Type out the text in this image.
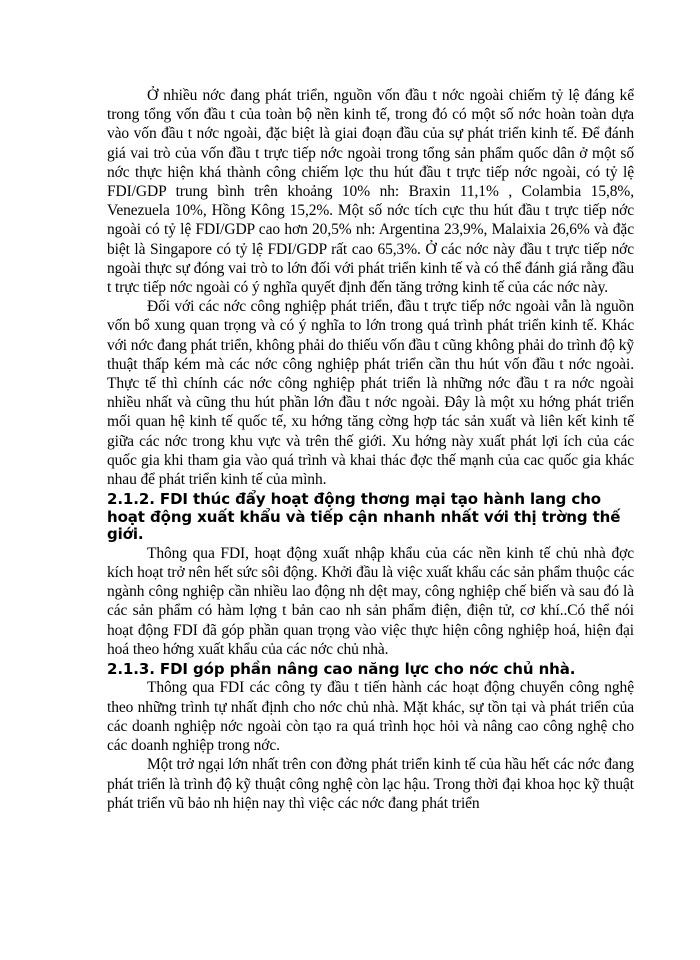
Ở nhiều nớc đang phát triển, nguồn vốn đầu t nớc ngoài chiếm tỷ lệ đáng kể trong tổng vốn đầu t của toàn bộ nền kinh tế, trong đó có một số nớc hoàn toàn dựa vào vốn đầu t nớc ngoài, đặc biệt là giai đoạn đầu của sự phát triển kinh tế. Để đánh giá vai trò của vốn đầu t trực tiếp nớc ngoài trong tổng sản phẩm quốc dân ở một số nớc thực hiện khá thành công chiếm lợc thu hút đầu t trực tiếp nớc ngoài, có tỷ lệ FDI/GDP trung bình trên khoảng 10% nh: Braxin 11,1% , Colambia 15,8%, Venezuela 10%, Hồng Kông 15,2%. Một số nớc tích cực thu hút đầu t trực tiếp nớc ngoài có tỷ lệ FDI/GDP cao hơn 20,5% nh: Argentina 23,9%, Malaixia 26,6% và đặc biệt là Singapore có tỷ lệ FDI/GDP rất cao 65,3%. Ở các nớc này đầu t trực tiếp nớc ngoài thực sự đóng vai trò to lớn đối với phát triển kinh tế và có thể đánh giá rằng đầu t trực tiếp nớc ngoài có ý nghĩa quyết định đến tăng trởng kinh tế của các nớc này.

Đối với các nớc công nghiệp phát triển, đầu t trực tiếp nớc ngoài vẫn là nguồn vốn bổ xung quan trọng và có ý nghĩa to lớn trong quá trình phát triển kinh tế. Khác với nớc đang phát triển, không phải do thiếu vốn đầu t cũng không phải do trình độ kỹ thuật thấp kém mà các nớc công nghiệp phát triển cần thu hút vốn đầu t nớc ngoài. Thực tế thì chính các nớc công nghiệp phát triển là những nớc đầu t ra nớc ngoài nhiều nhất và cũng thu hút phần lớn đầu t nớc ngoài. Đây là một xu hớng phát triển mối quan hệ kinh tế quốc tế, xu hớng tăng cờng hợp tác sản xuất và liên kết kinh tế giữa các nớc trong khu vực và trên thế giới. Xu hớng này xuất phát lợi ích của các quốc gia khi tham gia vào quá trình và khai thác đợc thế mạnh của cac quốc gia khác nhau để phát triển kinh tế của mình.

2.1.2. FDI thúc đẩy hoạt động thơng mại tạo hành lang cho hoạt động xuất khẩu và tiếp cận nhanh nhất với thị trờng thế giới.

Thông qua FDI, hoạt động xuất nhập khẩu của các nền kinh tế chủ nhà đợc kích hoạt trở nên hết sức sôi động. Khởi đầu là việc xuất khẩu các sản phẩm thuộc các ngành công nghiệp cần nhiều lao động nh dệt may, công nghiệp chế biến và sau đó là các sản phẩm có hàm lợng t bản cao nh sản phẩm điện, điện tử, cơ khí..Có thể nói hoạt động FDI đã góp phần quan trọng vào việc thực hiện công nghiệp hoá, hiện đại hoá theo hớng xuất khẩu của các nớc chủ nhà.

2.1.3. FDI góp phần nâng cao năng lực cho nớc chủ nhà.

Thông qua FDI các công ty đầu t tiến hành các hoạt động chuyển công nghệ theo những trình tự nhất định cho nớc chủ nhà. Mặt khác, sự tồn tại và phát triển của các doanh nghiệp nớc ngoài còn tạo ra quá trình học hỏi và nâng cao công nghệ cho các doanh nghiệp trong nớc.

Một trở ngại lớn nhất trên con đờng phát triển kinh tế của hầu hết các nớc đang phát triển là trình độ kỹ thuật công nghệ còn lạc hậu. Trong thời đại khoa học kỹ thuật phát triển vũ bảo nh hiện nay thì việc các nớc đang phát triển
